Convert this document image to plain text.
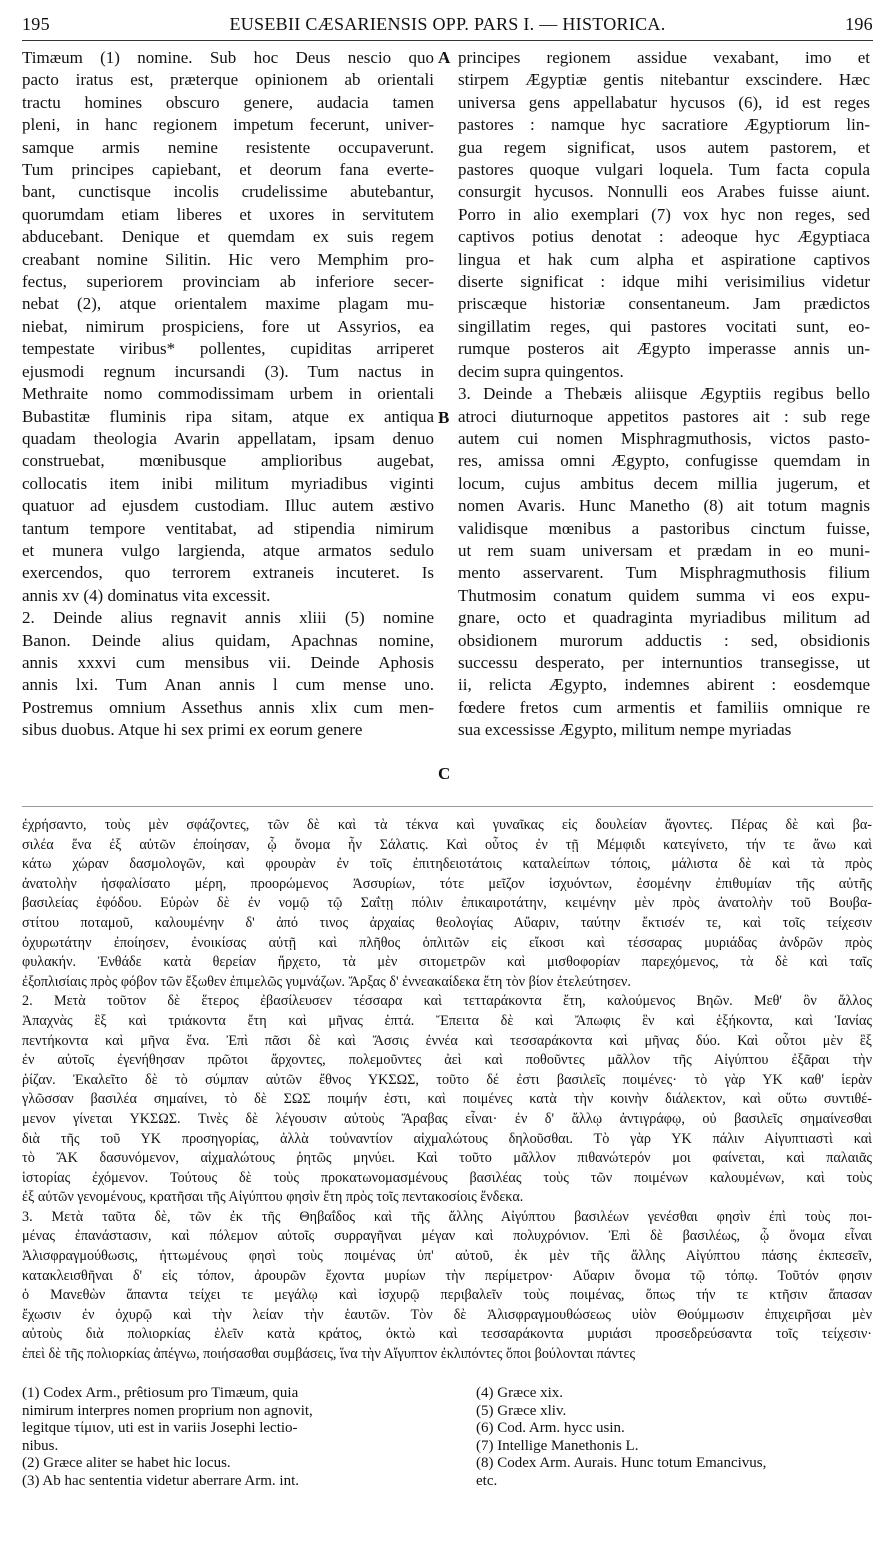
195	EUSEBII CÆSARIENSIS OPP. PARS I. — HISTORICA.	196
Timæum (1) nomine. Sub hoc Deus nescio quo
pacto iratus est, præterque opinionem ab orientali
tractu homines obscuro genere, audacia tamen
pleni, in hanc regionem impetum fecerunt, univer-
samque armis nemine resistente occupaverunt.
Tum principes capiebant, et deorum fana everte-
bant, cunctisque incolis crudelissime abutebantur,
quorumdam etiam liberes et uxores in servitutem
abducebant. Denique et quemdam ex suis regem
creabant nomine Silitin. Hic vero Memphim pro-
fectus, superiorem provinciam ab inferiore secer-
nebat (2), atque orientalem maxime plagam mu-
niebat, nimirum prospiciens, fore ut Assyrios, ea
tempestate viribus* pollentes, cupiditas arriperet
ejusmodi regnum incursandi (3). Tum nactus in
Methraite nomo commodissimam urbem in orientali
Bubastitæ fluminis ripa sitam, atque ex antiqua
quadam theologia Avarin appellatam, ipsam denuo
construebat, mœnibusque amplioribus augebat,
collocatis item inibi militum myriadibus viginti
quatuor ad ejusdem custodiam. Illuc autem æstivo
tantum tempore ventitabat, ad stipendia nimirum
et munera vulgo largienda, atque armatos sedulo
exercendos, quo terrorem extraneis incuteret. Is
annis xv (4) dominatus vita excessit.
2. Deinde alius regnavit annis xliii (5) nomine
Banon. Deinde alius quidam, Apachnas nomine,
annis xxxvi cum mensibus vii. Deinde Aphosis
annis lxi. Tum Anan annis l cum mense uno.
Postremus omnium Assethus annis xlix cum men-
sibus duobus. Atque hi sex primi ex eorum genere
principes regionem assidue vexabant, imo et
stirpem Ægyptiæ gentis nitebantur exscindere. Hæc
universa gens appellabatur hycusos (6), id est reges
pastores : namque hyc sacratiore Ægyptiorum lin-
gua regem significat, usos autem pastorem, et
pastores quoque vulgari loquela. Tum facta copula
consurgit hycusos. Nonnulli eos Arabes fuisse aiunt.
Porro in alio exemplari (7) vox hyc non reges, sed
captivos potius denotat : adeoque hyc Ægyptiaca
lingua et hak cum alpha et aspiratione captivos
diserte significat : idque mihi verisimilius videtur
priscæque historiæ consentaneum. Jam prædictos
singillatim reges, qui pastores vocitati sunt, eo-
rumque posteros ait Ægypto imperasse annis un-
decim supra quingentos.
3. Deinde a Thebæis aliisque Ægyptiis regibus bello
atroci diuturnoque appetitos pastores ait : sub rege
autem cui nomen Misphragmuthosis, victos pasto-
res, amissa omni Ægypto, confugisse quemdam in
locum, cujus ambitus decem millia jugerum, et
nomen Avaris. Hunc Manetho (8) ait totum magnis
validisque mœnibus a pastoribus cinctum fuisse,
ut rem suam universam et prædam in eo muni-
mento asservarent. Tum Misphragmuthosis filium
Thutmosim conatum quidem summa vi eos expu-
gnare, octo et quadraginta myriadibus militum ad
obsidionem murorum adductis : sed, obsidionis
successu desperato, per internuntios transegisse, ut
ii, relicta Ægypto, indemnes abirent : eosdemque
fœdere fretos cum armentis et familiis omnique re
sua excessisse Ægypto, militum nempe myriadas
A
B
C
ἐχρήσαντο, τοὺς μὲν σφάζοντες, τῶν δὲ καὶ τὰ τέκνα καὶ γυναῖκας εἰς δουλείαν ἄγοντες. Πέρας δὲ καὶ βα-
σιλέα ἕνα ἐξ αὐτῶν ἐποίησαν, ᾧ ὄνομα ἦν Σάλατις. Καὶ οὗτος ἐν τῇ Μέμφιδι κατεγίνετο, τήν τε ἄνω καὶ
κάτω χώραν δασμολογῶν, καὶ φρουρὰν ἐν τοῖς ἐπιτηδειοτάτοις καταλείπων τόποις, μάλιστα δὲ καὶ τὰ πρὸς
ἀνατολὴν ἠσφαλίσατο μέρη, προορώμενος Ἀσσυρίων, τότε μεῖζον ἰσχυόντων, ἐσομένην ἐπιθυμίαν τῆς αὐτῆς
βασιλείας ἐφόδου. Εὑρὼν δὲ ἐν νομῷ τῷ Σαΐτῃ πόλιν ἐπικαιροτάτην, κειμένην μὲν πρὸς ἀνατολὴν τοῦ Βουβα-
στίτου ποταμοῦ, καλουμένην δ' ἀπό τινος ἀρχαίας θεολογίας Αὔαριν, ταύτην ἔκτισέν τε, καὶ τοῖς τείχεσιν
ὀχυρωτάτην ἐποίησεν, ἐνοικίσας αὐτῇ καὶ πλῆθος ὁπλιτῶν εἰς εἴκοσι καὶ τέσσαρας μυριάδας ἀνδρῶν πρὸς
φυλακήν. Ἐνθάδε κατὰ θερείαν ἤρχετο, τὰ μὲν σιτομετρῶν καὶ μισθοφορίαν παρεχόμενος, τὰ δὲ καὶ ταῖς
ἐξοπλισίαις πρὸς φόβον τῶν ἔξωθεν ἐπιμελῶς γυμνάζων. Ἄρξας δ' ἐννεακαίδεκα ἔτη τὸν βίον ἐτελεύτησεν.
2. Μετὰ τοῦτον δὲ ἕτερος ἐβασίλευσεν τέσσαρα καὶ τετταράκοντα ἔτη, καλούμενος Βηῶν. Μεθ' ὃν ἄλλος
Ἀπαχνὰς ἓξ καὶ τριάκοντα ἔτη καὶ μῆνας ἑπτά. Ἔπειτα δὲ καὶ Ἄπωφις ἓν καὶ ἑξήκοντα, καὶ Ἰανίας
πεντήκοντα καὶ μῆνα ἕνα. Ἐπὶ πᾶσι δὲ καὶ Ἄσσις ἐννέα καὶ τεσσαράκοντα καὶ μῆνας δύο. Καὶ οὗτοι μὲν ἓξ
ἐν αὐτοῖς ἐγενήθησαν πρῶτοι ἄρχοντες, πολεμοῦντες ἀεὶ καὶ ποθοῦντες μᾶλλον τῆς Αἰγύπτου ἐξᾶραι τὴν
ῥίζαν. Ἐκαλεῖτο δὲ τὸ σύμπαν αὐτῶν ἔθνος ΥΚΣΩΣ, τοῦτο δέ ἐστι βασιλεῖς ποιμένες· τὸ γὰρ ΥΚ καθ' ἱερὰν
γλῶσσαν βασιλέα σημαίνει, τὸ δὲ ΣΩΣ ποιμήν ἐστι, καὶ ποιμένες κατὰ τὴν κοινὴν διάλεκτον, καὶ οὕτω συντιθέ-
μενον γίνεται ΥΚΣΩΣ. Τινὲς δὲ λέγουσιν αὐτοὺς Ἄραβας εἶναι· ἐν δ' ἄλλῳ ἀντιγράφῳ, οὐ βασιλεῖς σημαίνεσθαι
διὰ τῆς τοῦ ΥΚ προσηγορίας, ἀλλὰ τοὐναντίον αἰχμαλώτους δηλοῦσθαι. Τὸ γὰρ ΥΚ πάλιν Αἰγυπτιαστὶ καὶ
τὸ ἌΚ δασυνόμενον, αἰχμαλώτους ῥητῶς μηνύει. Καὶ τοῦτο μᾶλλον πιθανώτερόν μοι φαίνεται, καὶ παλαιᾶς
ἱστορίας ἐχόμενον. Τούτους δὲ τοὺς προκατωνομασμένους βασιλέας τοὺς τῶν ποιμένων καλουμένων, καὶ τοὺς
ἐξ αὐτῶν γενομένους, κρατῆσαι τῆς Αἰγύπτου φησὶν ἔτη πρὸς τοῖς πεντακοσίοις ἕνδεκα.
3. Μετὰ ταῦτα δὲ, τῶν ἐκ τῆς Θηβαΐδος καὶ τῆς ἄλλης Αἰγύπτου βασιλέων γενέσθαι φησὶν ἐπὶ τοὺς ποι-
μένας ἐπανάστασιν, καὶ πόλεμον αὐτοῖς συρραγῆναι μέγαν καὶ πολυχρόνιον. Ἐπὶ δὲ βασιλέως, ᾧ ὄνομα εἶναι
Ἀλισφραγμούθωσις, ἡττωμένους φησὶ τοὺς ποιμένας ὑπ' αὐτοῦ, ἐκ μὲν τῆς ἄλλης Αἰγύπτου πάσης ἐκπεσεῖν,
κατακλεισθῆναι δ' εἰς τόπον, ἀρουρῶν ἔχοντα μυρίων τὴν περίμετρον· Αὔαριν ὄνομα τῷ τόπῳ. Τοῦτόν φησιν
ὁ Μανεθὼν ἅπαντα τείχει τε μεγάλῳ καὶ ἰσχυρῷ περιβαλεῖν τοὺς ποιμένας, ὅπως τήν τε κτῆσιν ἅπασαν
ἔχωσιν ἐν ὀχυρῷ καὶ τὴν λείαν τὴν ἑαυτῶν. Τὸν δὲ Ἀλισφραγμουθώσεως υἱὸν Θούμμωσιν ἐπιχειρῆσαι μὲν
αὐτοὺς διὰ πολιορκίας ἑλεῖν κατὰ κράτος, ὀκτὼ καὶ τεσσαράκοντα μυριάσι προσεδρεύσαντα τοῖς τείχεσιν·
ἐπεὶ δὲ τῆς πολιορκίας ἀπέγνω, ποιήσασθαι συμβάσεις, ἵνα τὴν Αἴγυπτον ἐκλιπόντες ὅποι βούλονται πάντες
(1) Codex Arm., prêtiosum pro Timæum, quia
nimirum interpres nomen proprium non agnovit,
legitque τίμιον, uti est in variis Josephi lectio-
nibus.
(2) Græce aliter se habet hic locus.
(3) Ab hac sententia videtur aberrare Arm. int.
(4) Græce xix.
(5) Græce xliv.
(6) Cod. Arm. hycc usin.
(7) Intellige Manethonis L.
(8) Codex Arm. Aurais. Hunc totum Emancivus,
etc.
